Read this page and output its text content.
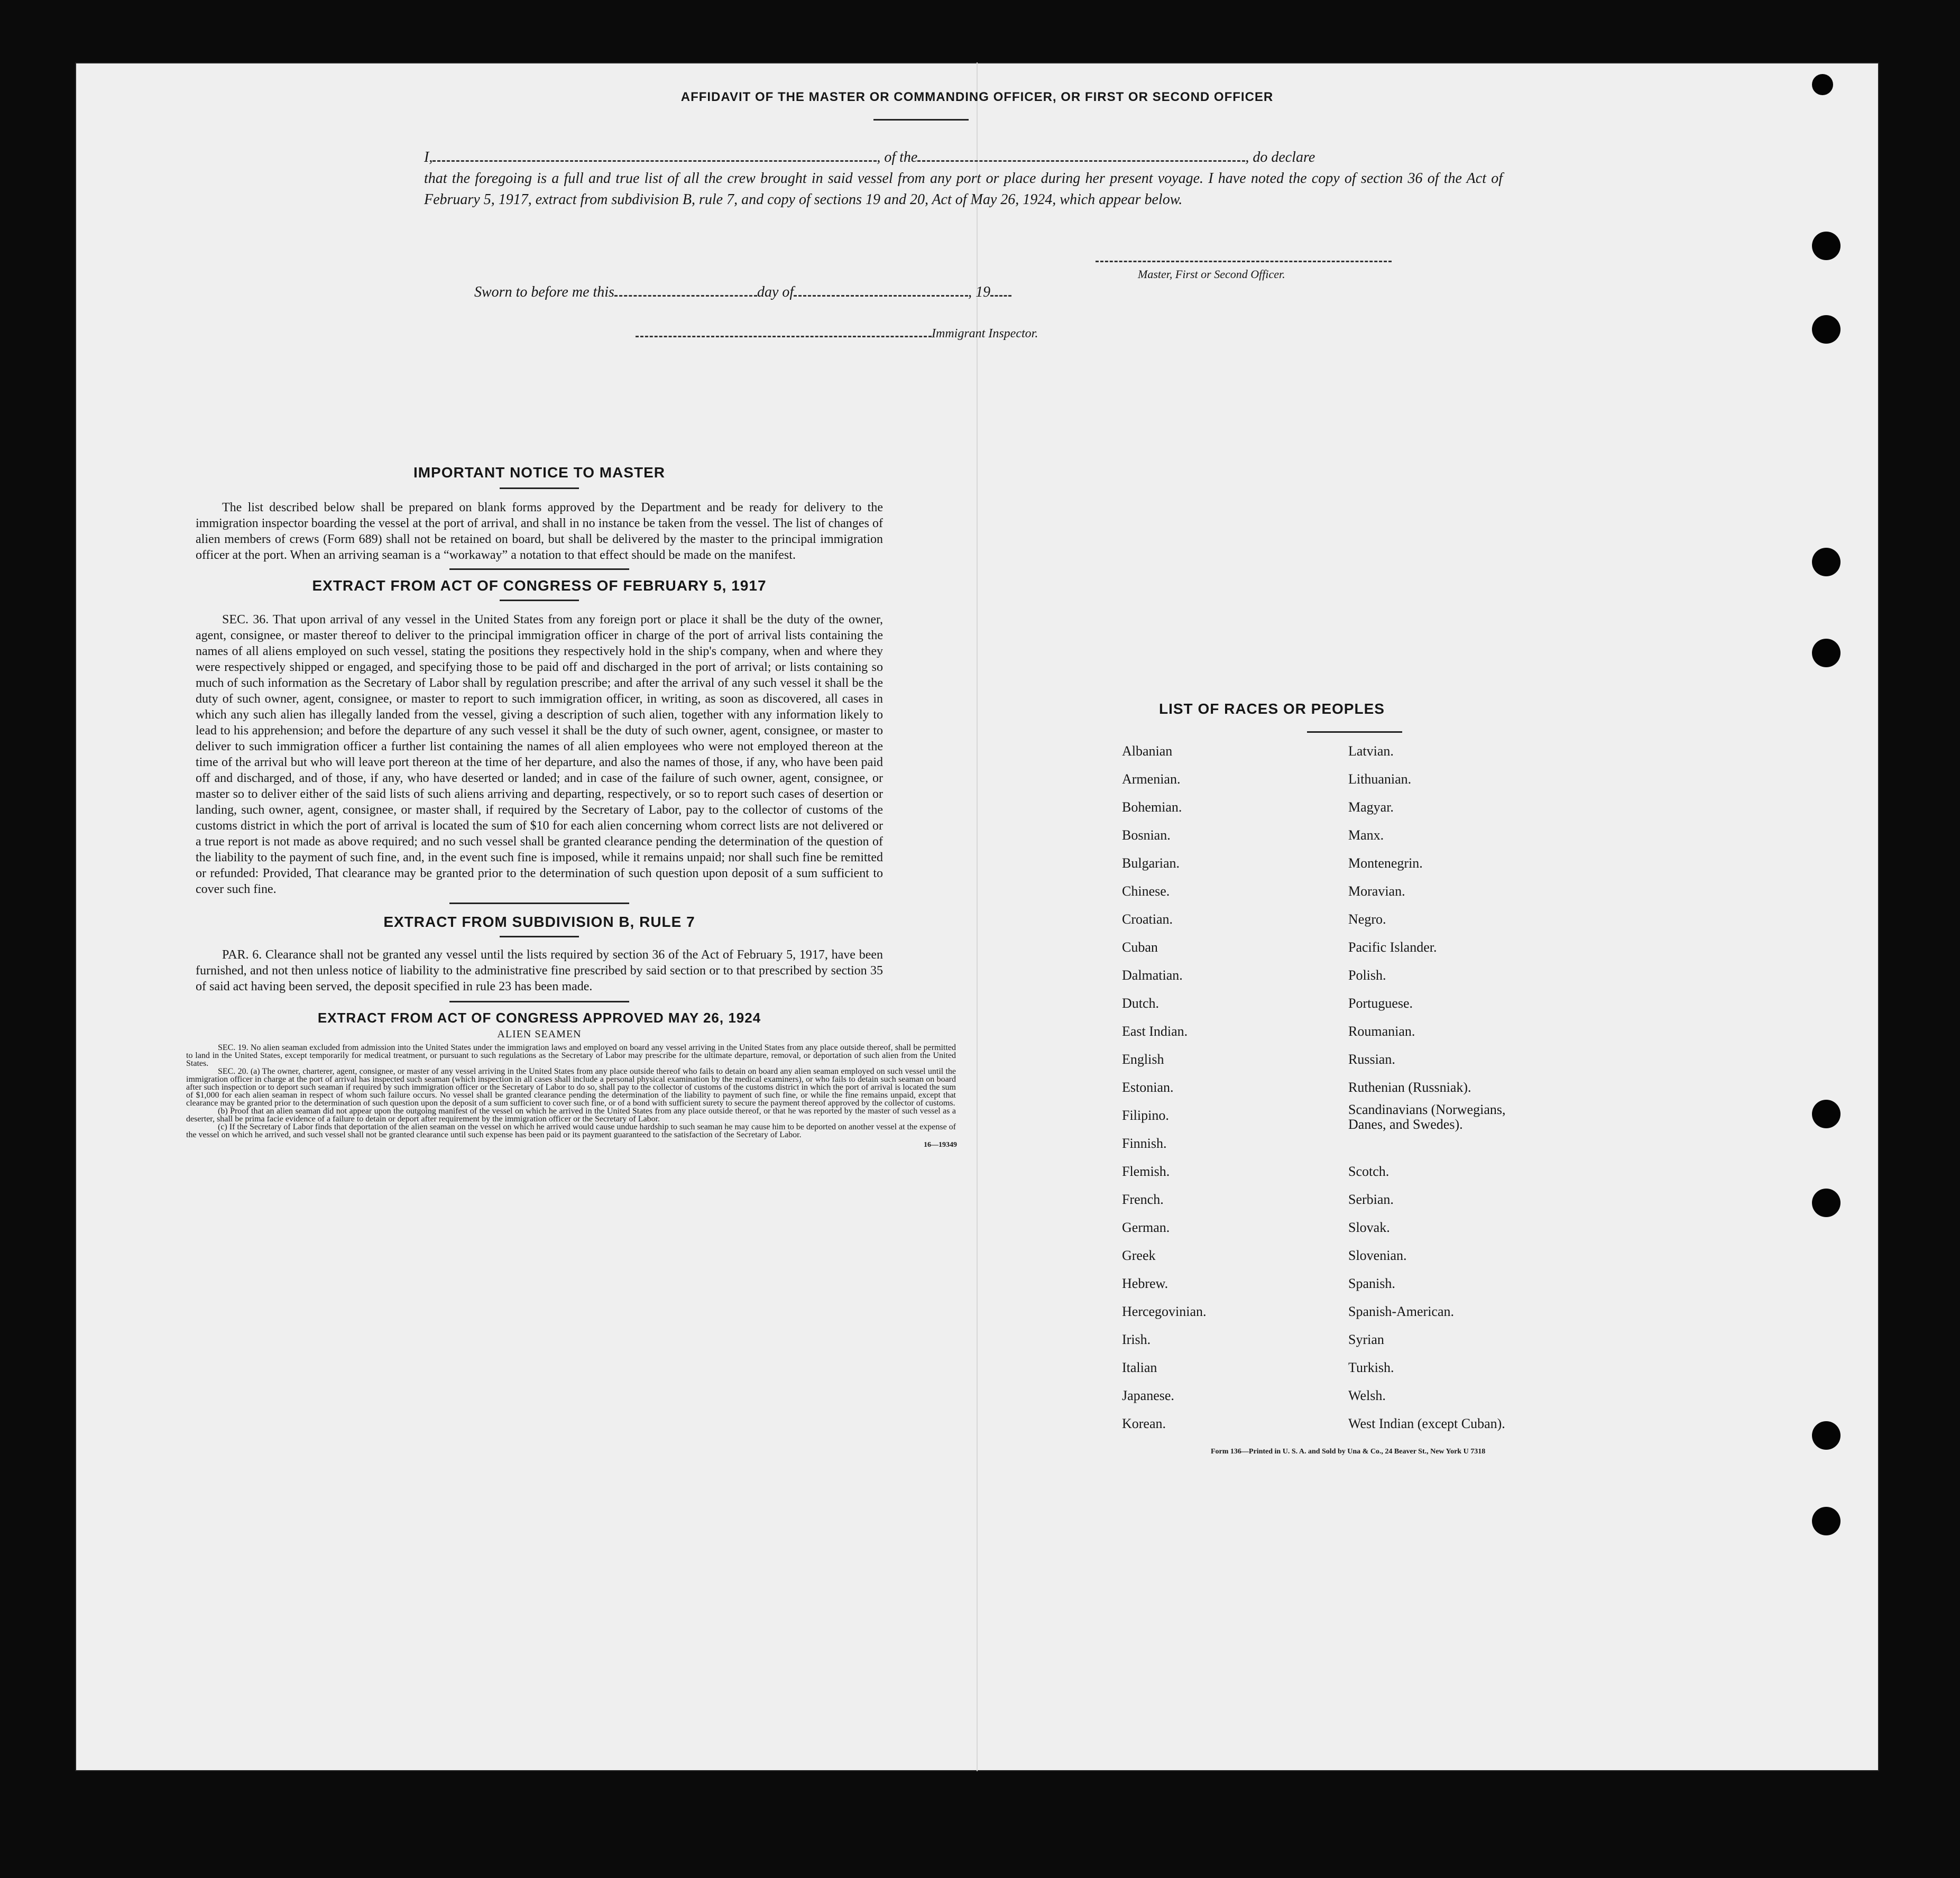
AFFIDAVIT OF THE MASTER OR COMMANDING OFFICER, OR FIRST OR SECOND OFFICER
I,	, of the	, do declare
that the foregoing is a full and true list of all the crew brought in said vessel from any port or place during her present voyage. I have noted the copy of section 36 of the Act of February 5, 1917, extract from subdivision B, rule 7, and copy of sections 19 and 20, Act of May 26, 1924, which appear below.
Master, First or Second Officer.
Sworn to before me this	day of	, 19
Immigrant Inspector.
IMPORTANT NOTICE TO MASTER
The list described below shall be prepared on blank forms approved by the Department and be ready for delivery to the immigration inspector boarding the vessel at the port of arrival, and shall in no instance be taken from the vessel. The list of changes of alien members of crews (Form 689) shall not be retained on board, but shall be delivered by the master to the principal immigration officer at the port. When an arriving seaman is a “workaway” a notation to that effect should be made on the manifest.
EXTRACT FROM ACT OF CONGRESS OF FEBRUARY 5, 1917
SEC. 36. That upon arrival of any vessel in the United States from any foreign port or place it shall be the duty of the owner, agent, consignee, or master thereof to deliver to the principal immigration officer in charge of the port of arrival lists containing the names of all aliens employed on such vessel, stating the positions they respectively hold in the ship's company, when and where they were respectively shipped or engaged, and specifying those to be paid off and discharged in the port of arrival; or lists containing so much of such information as the Secretary of Labor shall by regulation prescribe; and after the arrival of any such vessel it shall be the duty of such owner, agent, consignee, or master to report to such immigration officer, in writing, as soon as discovered, all cases in which any such alien has illegally landed from the vessel, giving a description of such alien, together with any information likely to lead to his apprehension; and before the departure of any such vessel it shall be the duty of such owner, agent, consignee, or master to deliver to such immigration officer a further list containing the names of all alien employees who were not employed thereon at the time of the arrival but who will leave port thereon at the time of her departure, and also the names of those, if any, who have been paid off and discharged, and of those, if any, who have deserted or landed; and in case of the failure of such owner, agent, consignee, or master so to deliver either of the said lists of such aliens arriving and departing, respectively, or so to report such cases of desertion or landing, such owner, agent, consignee, or master shall, if required by the Secretary of Labor, pay to the collector of customs of the customs district in which the port of arrival is located the sum of $10 for each alien concerning whom correct lists are not delivered or a true report is not made as above required; and no such vessel shall be granted clearance pending the determination of the question of the liability to the payment of such fine, and, in the event such fine is imposed, while it remains unpaid; nor shall such fine be remitted or refunded: Provided, That clearance may be granted prior to the determination of such question upon deposit of a sum sufficient to cover such fine.
EXTRACT FROM SUBDIVISION B, RULE 7
PAR. 6. Clearance shall not be granted any vessel until the lists required by section 36 of the Act of February 5, 1917, have been furnished, and not then unless notice of liability to the administrative fine prescribed by said section or to that prescribed by section 35 of said act having been served, the deposit specified in rule 23 has been made.
EXTRACT FROM ACT OF CONGRESS APPROVED MAY 26, 1924
ALIEN SEAMEN
SEC. 19. No alien seaman excluded from admission into the United States under the immigration laws and employed on board any vessel arriving in the United States from any place outside thereof, shall be permitted to land in the United States, except temporarily for medical treatment, or pursuant to such regulations as the Secretary of Labor may prescribe for the ultimate departure, removal, or deportation of such alien from the United States.
SEC. 20. (a) The owner, charterer, agent, consignee, or master of any vessel arriving in the United States from any place outside thereof who fails to detain on board any alien seaman employed on such vessel until the immigration officer in charge at the port of arrival has inspected such seaman (which inspection in all cases shall include a personal physical examination by the medical examiners), or who fails to detain such seaman on board after such inspection or to deport such seaman if required by such immigration officer or the Secretary of Labor to do so, shall pay to the collector of customs of the customs district in which the port of arrival is located the sum of $1,000 for each alien seaman in respect of whom such failure occurs. No vessel shall be granted clearance pending the determination of the liability to payment of such fine, or while the fine remains unpaid, except that clearance may be granted prior to the determination of such question upon the deposit of a sum sufficient to cover such fine, or of a bond with sufficient surety to secure the payment thereof approved by the collector of customs.
(b) Proof that an alien seaman did not appear upon the outgoing manifest of the vessel on which he arrived in the United States from any place outside thereof, or that he was reported by the master of such vessel as a deserter, shall be prima facie evidence of a failure to detain or deport after requirement by the immigration officer or the Secretary of Labor.
(c) If the Secretary of Labor finds that deportation of the alien seaman on the vessel on which he arrived would cause undue hardship to such seaman he may cause him to be deported on another vessel at the expense of the vessel on which he arrived, and such vessel shall not be granted clearance until such expense has been paid or its payment guaranteed to the satisfaction of the Secretary of Labor.
16—19349
LIST OF RACES OR PEOPLES
Albanian	Latvian.
Armenian.	Lithuanian.
Bohemian.	Magyar.
Bosnian.	Manx.
Bulgarian.	Montenegrin.
Chinese.	Moravian.
Croatian.	Negro.
Cuban	Pacific Islander.
Dalmatian.	Polish.
Dutch.	Portuguese.
East Indian.	Roumanian.
English	Russian.
Estonian.	Ruthenian (Russniak).
Filipino.	Scandinavians (Norwegians, Danes, and Swedes).
Finnish.
Flemish.	Scotch.
French.	Serbian.
German.	Slovak.
Greek	Slovenian.
Hebrew.	Spanish.
Hercegovinian.	Spanish-American.
Irish.	Syrian
Italian	Turkish.
Japanese.	Welsh.
Korean.	West Indian (except Cuban).
Form 136—Printed in U. S. A. and Sold by Una & Co., 24 Beaver St., New York U 7318
